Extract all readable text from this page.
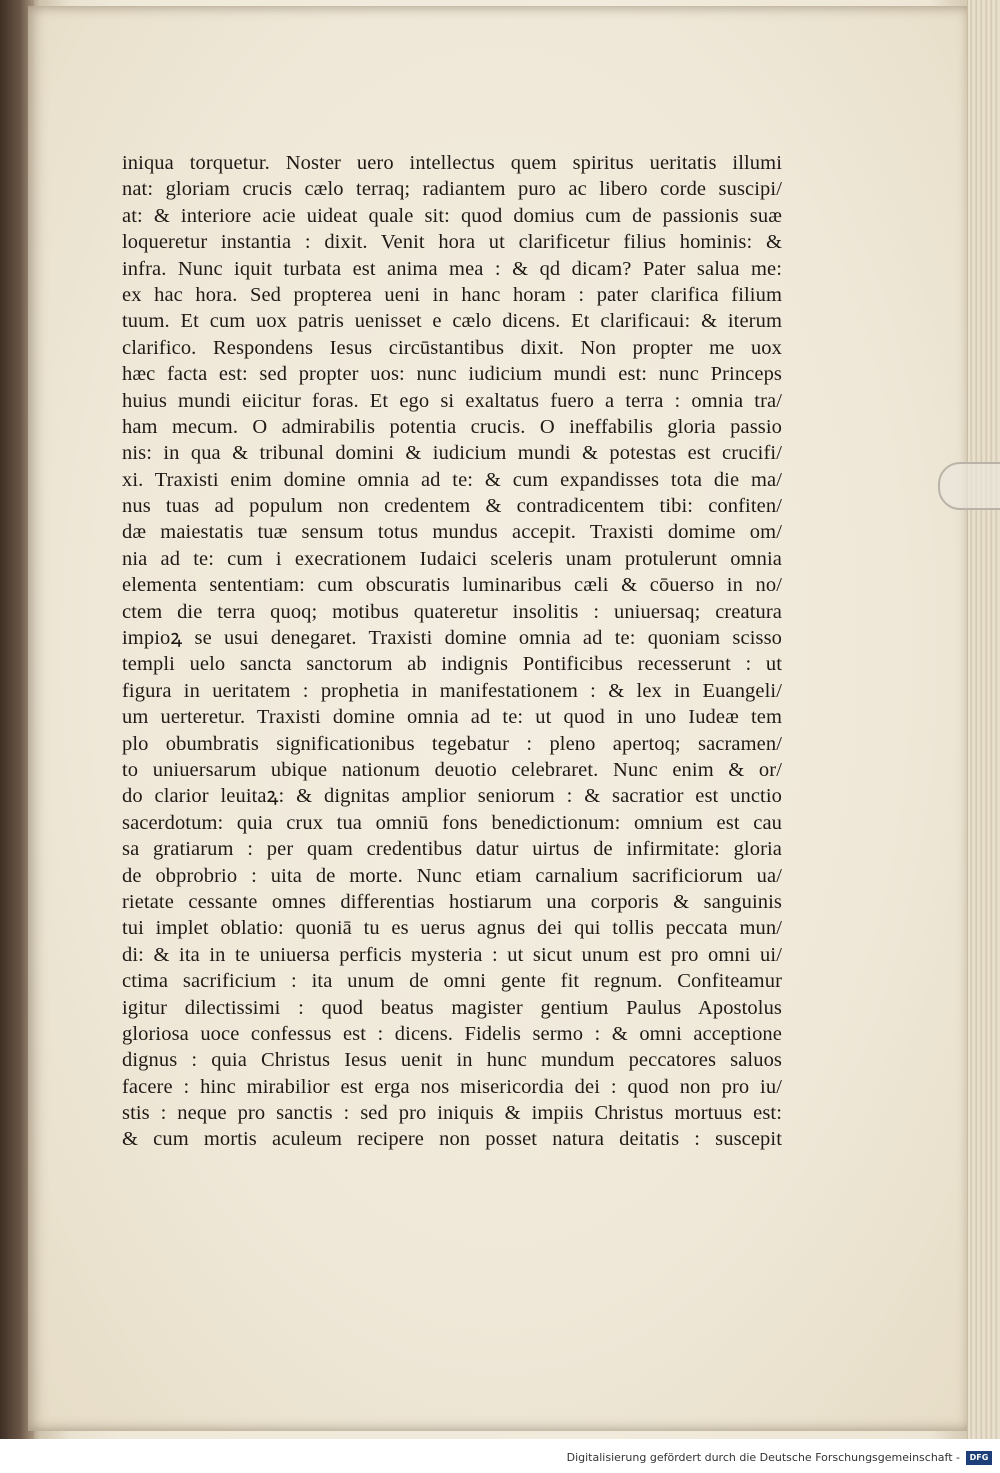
iniqua torquetur. Noster uero intellectus quem spiritus ueritatis illumi
nat: gloriam crucis cælo terraq; radiantem puro ac libero corde suscipi/
at: & interiore acie uideat quale sit: quod domius cum de passionis suæ
loqueretur instantia : dixit. Venit hora ut clarificetur filius hominis: &
infra. Nunc iquit turbata est anima mea : & qd dicam? Pater salua me:
ex hac hora. Sed propterea ueni in hanc horam : pater clarifica filium
tuum. Et cum uox patris uenisset e cælo dicens. Et clarificaui: & iterum
clarifico. Respondens Iesus circūstantibus dixit. Non propter me uox
hæc facta est: sed propter uos: nunc iudicium mundi est: nunc Princeps
huius mundi eiicitur foras. Et ego si exaltatus fuero a terra : omnia tra/
ham mecum. O admirabilis potentia crucis. O ineffabilis gloria passio
nis: in qua & tribunal domini & iudicium mundi & potestas est crucifi/
xi. Traxisti enim domine omnia ad te: & cum expandisses tota die ma/
nus tuas ad populum non credentem & contradicentem tibi: confiten/
dæ maiestatis tuæ sensum totus mundus accepit. Traxisti domime om/
nia ad te: cum i execrationem Iudaici sceleris unam protulerunt omnia
elementa sententiam: cum obscuratis luminaribus cæli & cōuerso in no/
ctem die terra quoq; motibus quateretur insolitis : uniuersaq; creatura
impioꝝ se usui denegaret. Traxisti domine omnia ad te: quoniam scisso
templi uelo sancta sanctorum ab indignis Pontificibus recesserunt : ut
figura in ueritatem : prophetia in manifestationem : & lex in Euangeli/
um uerteretur. Traxisti domine omnia ad te: ut quod in uno Iudeæ tem
plo obumbratis significationibus tegebatur : pleno apertoq; sacramen/
to uniuersarum ubique nationum deuotio celebraret. Nunc enim & or/
do clarior leuitaꝝ: & dignitas amplior seniorum : & sacratior est unctio
sacerdotum: quia crux tua omniū fons benedictionum: omnium est cau
sa gratiarum : per quam credentibus datur uirtus de infirmitate: gloria
de obprobrio : uita de morte. Nunc etiam carnalium sacrificiorum ua/
rietate cessante omnes differentias hostiarum una corporis & sanguinis
tui implet oblatio: quoniā tu es uerus agnus dei qui tollis peccata mun/
di: & ita in te uniuersa perficis mysteria : ut sicut unum est pro omni ui/
ctima sacrificium : ita unum de omni gente fit regnum. Confiteamur
igitur dilectissimi : quod beatus magister gentium Paulus Apostolus
gloriosa uoce confessus est : dicens. Fidelis sermo : & omni acceptione
dignus : quia Christus Iesus uenit in hunc mundum peccatores saluos
facere : hinc mirabilior est erga nos misericordia dei : quod non pro iu/
stis : neque pro sanctis : sed pro iniquis & impiis Christus mortuus est:
& cum mortis aculeum recipere non posset natura deitatis : suscepit
Digitalisierung gefördert durch die Deutsche Forschungsgemeinschaft -	DFG
